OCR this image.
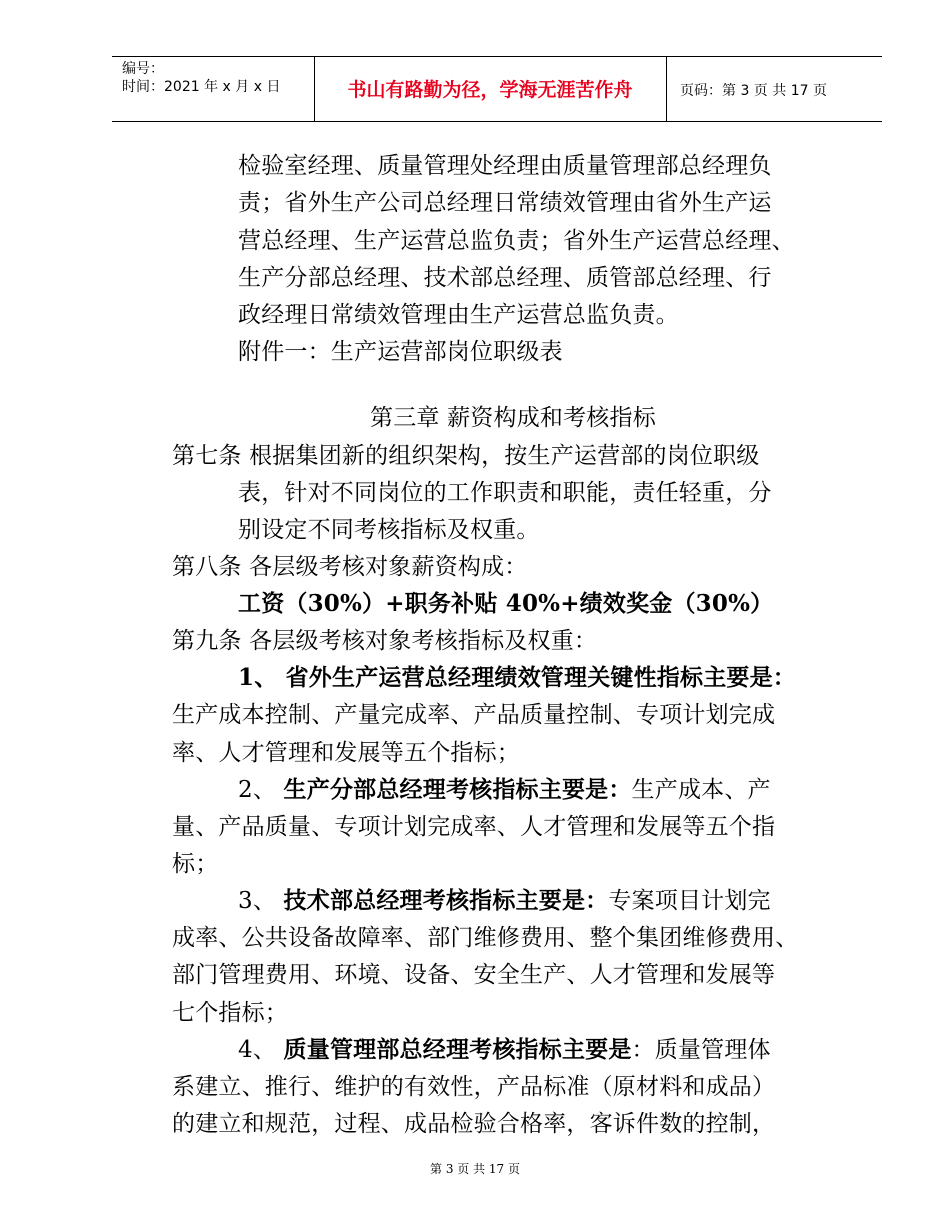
编号：
时间：2021 年 x 月 x 日	书山有路勤为径，学海无涯苦作舟	页码：第 3 页 共 17 页
检验室经理、质量管理处经理由质量管理部总经理负
责；省外生产公司总经理日常绩效管理由省外生产运
营总经理、生产运营总监负责；省外生产运营总经理、
生产分部总经理、技术部总经理、质管部总经理、行
政经理日常绩效管理由生产运营总监负责。
附件一：生产运营部岗位职级表
第三章 薪资构成和考核指标
第七条 根据集团新的组织架构，按生产运营部的岗位职级
表，针对不同岗位的工作职责和职能，责任轻重，分
别设定不同考核指标及权重。
第八条 各层级考核对象薪资构成：
工资（30%）+职务补贴 40%+绩效奖金（30%）
第九条 各层级考核对象考核指标及权重：
1、 省外生产运营总经理绩效管理关键性指标主要是：
生产成本控制、产量完成率、产品质量控制、专项计划完成
率、人才管理和发展等五个指标；
2、 生产分部总经理考核指标主要是：生产成本、产
量、产品质量、专项计划完成率、人才管理和发展等五个指
标；
3、 技术部总经理考核指标主要是：专案项目计划完
成率、公共设备故障率、部门维修费用、整个集团维修费用、
部门管理费用、环境、设备、安全生产、人才管理和发展等
七个指标；
4、 质量管理部总经理考核指标主要是：质量管理体
系建立、推行、维护的有效性，产品标准（原材料和成品）
的建立和规范，过程、成品检验合格率，客诉件数的控制，
第 3 页 共 17 页
